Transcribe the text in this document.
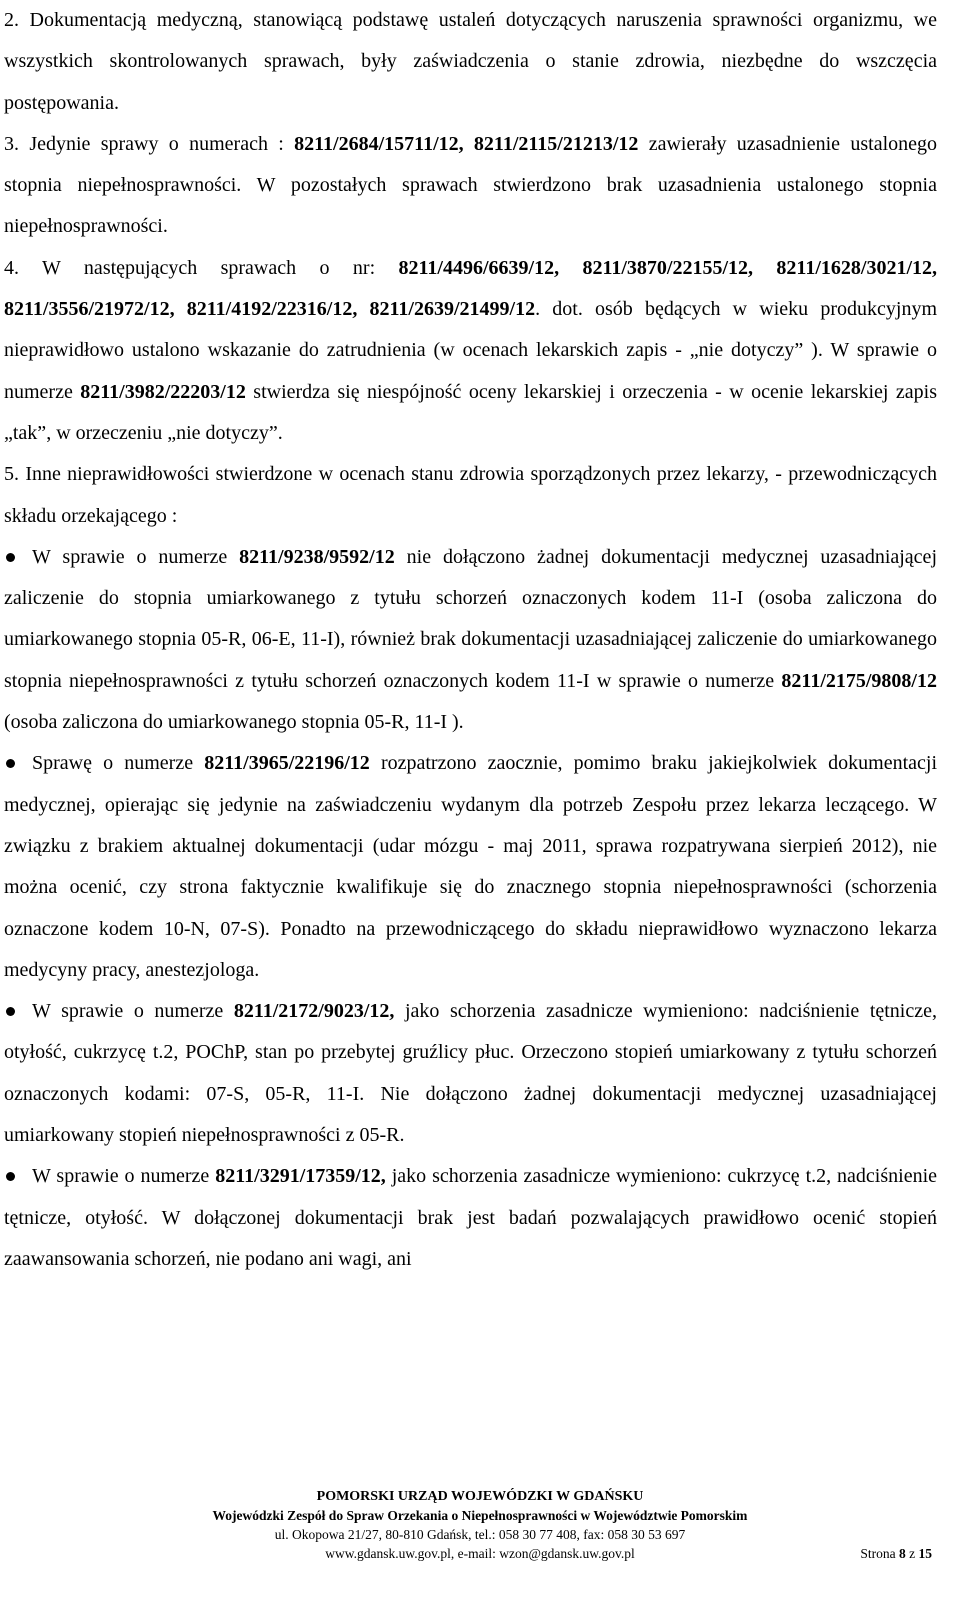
2. Dokumentacją medyczną, stanowiącą podstawę ustaleń dotyczących naruszenia sprawności organizmu, we wszystkich skontrolowanych sprawach, były zaświadczenia o stanie zdrowia, niezbędne do wszczęcia postępowania.

3. Jedynie sprawy o numerach : 8211/2684/15711/12, 8211/2115/21213/12 zawierały uzasadnienie ustalonego stopnia niepełnosprawności. W pozostałych sprawach stwierdzono brak uzasadnienia ustalonego stopnia niepełnosprawności.

4. W następujących sprawach o nr: 8211/4496/6639/12, 8211/3870/22155/12, 8211/1628/3021/12, 8211/3556/21972/12, 8211/4192/22316/12, 8211/2639/21499/12. dot. osób będących w wieku produkcyjnym nieprawidłowo ustalono wskazanie do zatrudnienia (w ocenach lekarskich zapis - „nie dotyczy” ). W sprawie o numerze 8211/3982/22203/12 stwierdza się niespójność oceny lekarskiej i orzeczenia - w ocenie lekarskiej zapis „tak”, w orzeczeniu „nie dotyczy”.

5. Inne nieprawidłowości stwierdzone w ocenach stanu zdrowia sporządzonych przez lekarzy, - przewodniczących składu orzekającego :

W sprawie o numerze 8211/9238/9592/12 nie dołączono żadnej dokumentacji medycznej uzasadniającej zaliczenie do stopnia umiarkowanego z tytułu schorzeń oznaczonych kodem 11-I (osoba zaliczona do umiarkowanego stopnia 05-R, 06-E, 11-I), również brak dokumentacji uzasadniającej zaliczenie do umiarkowanego stopnia niepełnosprawności z tytułu schorzeń oznaczonych kodem 11-I w sprawie o numerze 8211/2175/9808/12 (osoba zaliczona do umiarkowanego stopnia 05-R, 11-I ).
Sprawę o numerze 8211/3965/22196/12 rozpatrzono zaocznie, pomimo braku jakiejkolwiek dokumentacji medycznej, opierając się jedynie na zaświadczeniu wydanym dla potrzeb Zespołu przez lekarza leczącego. W związku z brakiem aktualnej dokumentacji (udar mózgu - maj 2011, sprawa rozpatrywana sierpień 2012), nie można ocenić, czy strona faktycznie kwalifikuje się do znacznego stopnia niepełnosprawności (schorzenia oznaczone kodem 10-N, 07-S). Ponadto na przewodniczącego do składu nieprawidłowo wyznaczono lekarza medycyny pracy, anestezjologa.
W sprawie o numerze 8211/2172/9023/12, jako schorzenia zasadnicze wymieniono: nadciśnienie tętnicze, otyłość, cukrzycę t.2, POChP, stan po przebytej gruźlicy płuc. Orzeczono stopień umiarkowany z tytułu schorzeń oznaczonych kodami: 07-S, 05-R, 11-I. Nie dołączono żadnej dokumentacji medycznej uzasadniającej umiarkowany stopień niepełnosprawności z 05-R.
W sprawie o numerze 8211/3291/17359/12, jako schorzenia zasadnicze wymieniono: cukrzycę t.2, nadciśnienie tętnicze, otyłość. W dołączonej dokumentacji brak jest badań pozwalających prawidłowo ocenić stopień zaawansowania schorzeń, nie podano ani wagi, ani
POMORSKI URZĄD WOJEWÓDZKI W GDAŃSKU
Wojewódzki Zespół do Spraw Orzekania o Niepełnosprawności w Województwie Pomorskim
ul. Okopowa 21/27, 80-810 Gdańsk, tel.: 058 30 77 408, fax: 058 30 53 697
www.gdansk.uw.gov.pl, e-mail: wzon@gdansk.uw.gov.pl	Strona 8 z 15
